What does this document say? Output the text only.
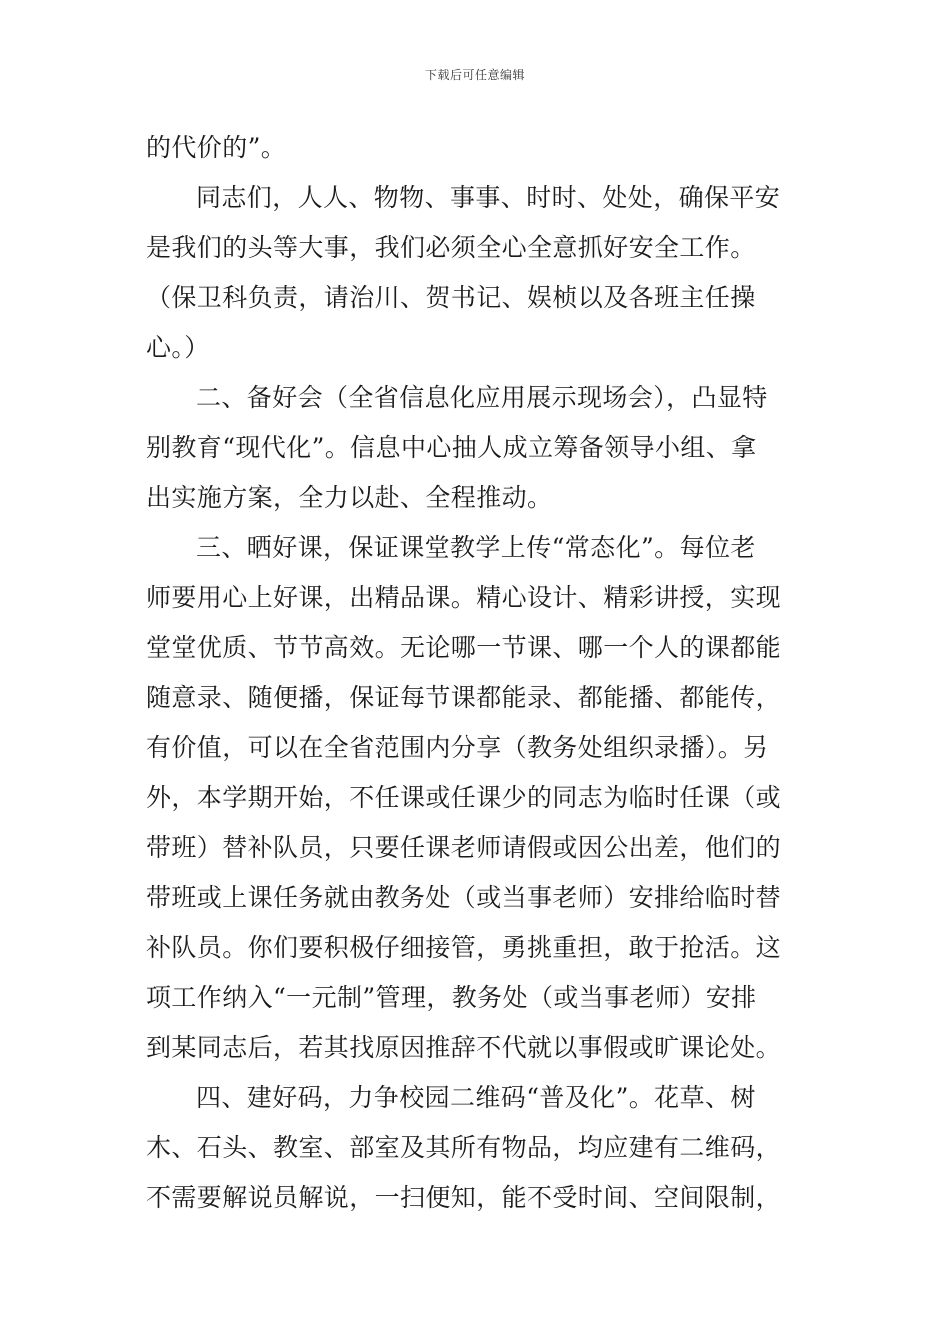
下载后可任意编辑
的代价的”。
同志们，人人、物物、事事、时时、处处，确保平安
是我们的头等大事，我们必须全心全意抓好安全工作。
（保卫科负责，请治川、贺书记、娱桢以及各班主任操
心。）
二、备好会（全省信息化应用展示现场会），凸显特
别教育“现代化”。信息中心抽人成立筹备领导小组、拿
出实施方案，全力以赴、全程推动。
三、晒好课，保证课堂教学上传“常态化”。每位老
师要用心上好课，出精品课。精心设计、精彩讲授，实现
堂堂优质、节节高效。无论哪一节课、哪一个人的课都能
随意录、随便播，保证每节课都能录、都能播、都能传，
有价值，可以在全省范围内分享（教务处组织录播）。另
外，本学期开始，不任课或任课少的同志为临时任课（或
带班）替补队员，只要任课老师请假或因公出差，他们的
带班或上课任务就由教务处（或当事老师）安排给临时替
补队员。你们要积极仔细接管，勇挑重担，敢于抢活。这
项工作纳入“一元制”管理，教务处（或当事老师）安排
到某同志后，若其找原因推辞不代就以事假或旷课论处。
四、建好码，力争校园二维码“普及化”。花草、树
木、石头、教室、部室及其所有物品，均应建有二维码，
不需要解说员解说，一扫便知，能不受时间、空间限制，
